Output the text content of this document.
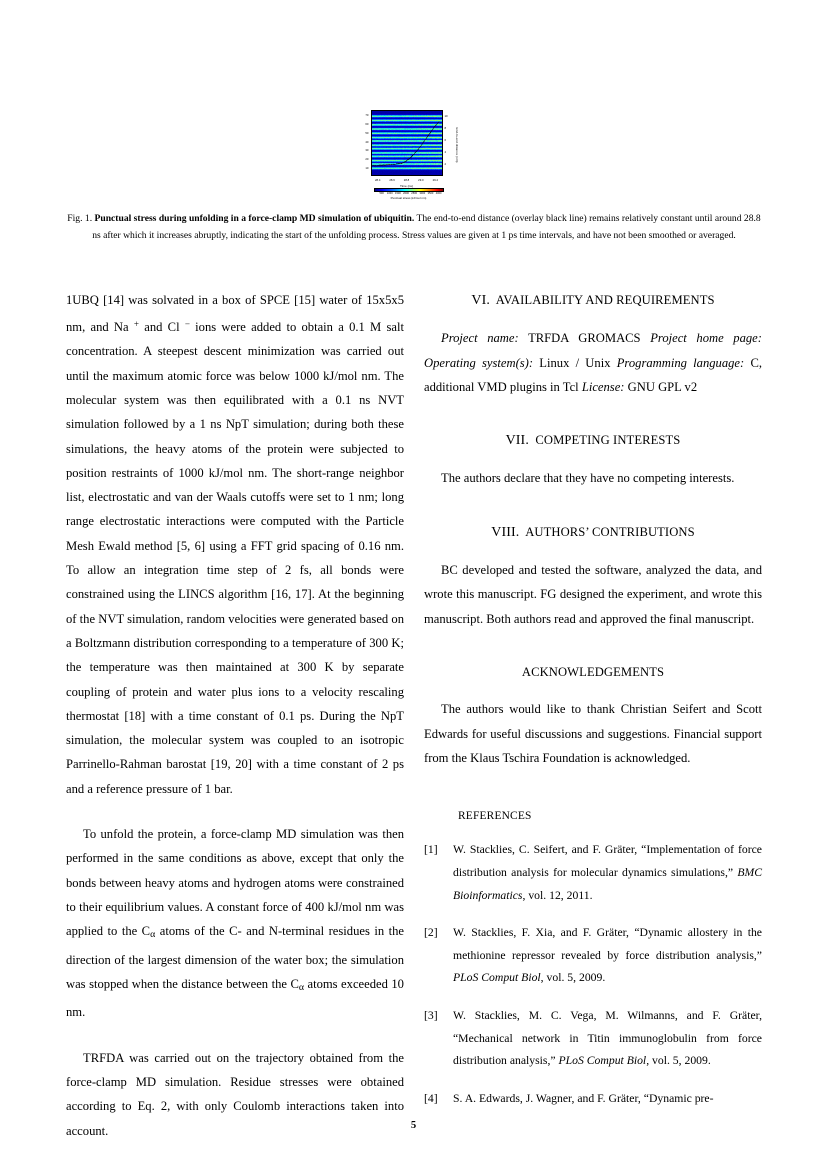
10
20
30
40
50
60
70
2
4
6
8
10
End-to-end distance (nm)
28.4	28.6	28.8	29.0	29.2
Time (ns)
500 1000 1500 2000 2500 3000 3500 4000
Punctual stress (kJ/mol nm)
Fig. 1. Punctual stress during unfolding in a force-clamp MD simulation of ubiquitin. The end-to-end distance (overlay black line) remains relatively constant until around 28.8 ns after which it increases abruptly, indicating the start of the unfolding process. Stress values are given at 1 ps time intervals, and have not been smoothed or averaged.

1UBQ [14] was solvated in a box of SPCE [15] water of 15x5x5 nm, and Na + and Cl − ions were added to obtain a 0.1 M salt concentration. A steepest descent minimization was carried out until the maximum atomic force was below 1000 kJ/mol nm. The molecular system was then equilibrated with a 0.1 ns NVT simulation followed by a 1 ns NpT simulation; during both these simulations, the heavy atoms of the protein were subjected to position restraints of 1000 kJ/mol nm. The short-range neighbor list, electrostatic and van der Waals cutoffs were set to 1 nm; long range electrostatic interactions were computed with the Particle Mesh Ewald method [5, 6] using a FFT grid spacing of 0.16 nm. To allow an integration time step of 2 fs, all bonds were constrained using the LINCS algorithm [16, 17]. At the beginning of the NVT simulation, random velocities were generated based on a Boltzmann distribution corresponding to a temperature of 300 K; the temperature was then maintained at 300 K by separate coupling of protein and water plus ions to a velocity rescaling thermostat [18] with a time constant of 0.1 ps. During the NpT simulation, the molecular system was coupled to an isotropic Parrinello-Rahman barostat [19, 20] with a time constant of 2 ps and a reference pressure of 1 bar.

To unfold the protein, a force-clamp MD simulation was then performed in the same conditions as above, except that only the bonds between heavy atoms and hydrogen atoms were constrained to their equilibrium values. A constant force of 400 kJ/mol nm was applied to the $C_\alpha$ atoms of the C- and N-terminal residues in the direction of the largest dimension of the water box; the simulation was stopped when the distance between the $C_\alpha$ atoms exceeded 10 nm.

TRFDA was carried out on the trajectory obtained from the force-clamp MD simulation. Residue stresses were obtained according to Eq. 2, with only Coulomb interactions taken into account.

VI. AVAILABILITY AND REQUIREMENTS

Project name: TRFDA GROMACS Project home page: Operating system(s): Linux / Unix Programming language: C, additional VMD plugins in Tcl License: GNU GPL v2

VII. COMPETING INTERESTS

The authors declare that they have no competing interests.

VIII. AUTHORS’ CONTRIBUTIONS

BC developed and tested the software, analyzed the data, and wrote this manuscript. FG designed the experiment, and wrote this manuscript. Both authors read and approved the final manuscript.

ACKNOWLEDGEMENTS

The authors would like to thank Christian Seifert and Scott Edwards for useful discussions and suggestions. Financial support from the Klaus Tschira Foundation is acknowledged.

REFERENCES
[1]	W. Stacklies, C. Seifert, and F. Gräter, “Implementation of force distribution analysis for molecular dynamics simulations,” BMC Bioinformatics, vol. 12, 2011.
[2]	W. Stacklies, F. Xia, and F. Gräter, “Dynamic allostery in the methionine repressor revealed by force distribution analysis,” PLoS Comput Biol, vol. 5, 2009.
[3]	W. Stacklies, M. C. Vega, M. Wilmanns, and F. Gräter, “Mechanical network in Titin immunoglobulin from force distribution analysis,” PLoS Comput Biol, vol. 5, 2009.
[4]	S. A. Edwards, J. Wagner, and F. Gräter, “Dynamic pre-
5
